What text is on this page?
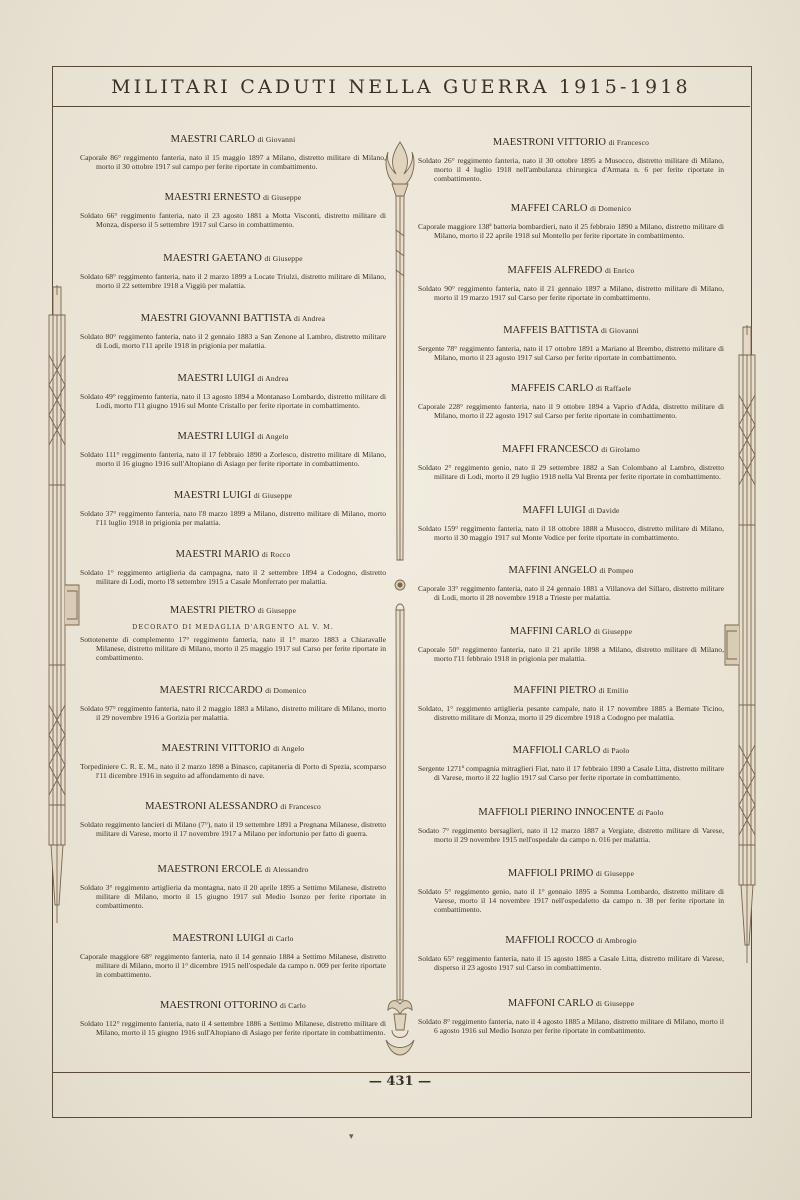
MILITARI CADUTI NELLA GUERRA 1915-1918
MAESTRI CARLO di Giovanni
Caporale 86° reggimento fanteria, nato il 15 maggio 1897 a Milano, distretto militare di Milano, morto il 30 ottobre 1917 sul campo per ferite riportate in combattimento.
MAESTRI ERNESTO di Giuseppe
Soldato 66° reggimento fanteria, nato il 23 agosto 1881 a Motta Visconti, distretto militare di Monza, disperso il 5 settembre 1917 sul Carso in combattimento.
MAESTRI GAETANO di Giuseppe
Soldato 68° reggimento fanteria, nato il 2 marzo 1899 a Locate Triulzi, distretto militare di Milano, morto il 22 settembre 1918 a Viggiù per malattia.
MAESTRI GIOVANNI BATTISTA di Andrea
Soldato 80° reggimento fanteria, nato il 2 gennaio 1883 a San Zenone al Lambro, distretto militare di Lodi, morto l'11 aprile 1918 in prigionia per malattia.
MAESTRI LUIGI di Andrea
Soldato 49° reggimento fanteria, nato il 13 agosto 1894 a Montanaso Lombardo, distretto militare di Lodi, morto l'11 giugno 1916 sul Monte Cristallo per ferite riportate in combattimento.
MAESTRI LUIGI di Angelo
Soldato 111° reggimento fanteria, nato il 17 febbraio 1890 a Zorlesco, distretto militare di Milano, morto il 16 giugno 1916 sull'Altopiano di Asiago per ferite riportate in combattimento.
MAESTRI LUIGI di Giuseppe
Soldato 37° reggimento fanteria, nato l'8 marzo 1899 a Milano, distretto militare di Milano, morto l'11 luglio 1918 in prigionia per malattia.
MAESTRI MARIO di Rocco
Soldato 1° reggimento artiglieria da campagna, nato il 2 settembre 1894 a Codogno, distretto militare di Lodi, morto l'8 settembre 1915 a Casale Monferrato per malattia.
MAESTRI PIETRO di Giuseppe
DECORATO DI MEDAGLIA D'ARGENTO AL V. M.
Sottotenente di complemento 17° reggimento fanteria, nato il 1° marzo 1883 a Chiaravalle Milanese, distretto militare di Milano, morto il 25 maggio 1917 sul Carso per ferite riportate in combattimento.
MAESTRI RICCARDO di Domenico
Soldato 97° reggimento fanteria, nato il 2 maggio 1883 a Milano, distretto militare di Milano, morto il 29 novembre 1916 a Gorizia per malattia.
MAESTRINI VITTORIO di Angelo
Torpediniere C. R. E. M., nato il 2 marzo 1898 a Binasco, capitaneria di Porto di Spezia, scomparso l'11 dicembre 1916 in seguito ad affondamento di nave.
MAESTRONI ALESSANDRO di Francesco
Soldato reggimento lancieri di Milano (7°), nato il 19 settembre 1891 a Pregnana Milanese, distretto militare di Varese, morto il 17 novembre 1917 a Milano per infortunio per fatto di guerra.
MAESTRONI ERCOLE di Alessandro
Soldato 3° reggimento artiglieria da montagna, nato il 20 aprile 1895 a Settimo Milanese, distretto militare di Milano, morto il 15 giugno 1917 sul Medio Isonzo per ferite riportate in combattimento.
MAESTRONI LUIGI di Carlo
Caporale maggiore 68° reggimento fanteria, nato il 14 gennaio 1884 a Settimo Milanese, distretto militare di Milano, morto il 1° dicembre 1915 nell'ospedale da campo n. 009 per ferite riportate in combattimento.
MAESTRONI OTTORINO di Carlo
Soldato 112° reggimento fanteria, nato il 4 settembre 1886 a Settimo Milanese, distretto militare di Milano, morto il 15 giugno 1916 sull'Altopiano di Asiago per ferite riportate in combattimento.
MAESTRONI VITTORIO di Francesco
Soldato 26° reggimento fanteria, nato il 30 ottobre 1895 a Musocco, distretto militare di Milano, morto il 4 luglio 1918 nell'ambulanza chirurgica d'Armata n. 6 per ferite riportate in combattimento.
MAFFEI CARLO di Domenico
Caporale maggiore 138ª batteria bombardieri, nato il 25 febbraio 1890 a Milano, distretto militare di Milano, morto il 22 aprile 1918 sul Montello per ferite riportate in combattimento.
MAFFEIS ALFREDO di Enrico
Soldato 90° reggimento fanteria, nato il 21 gennaio 1897 a Milano, distretto militare di Milano, morto il 19 marzo 1917 sul Carso per ferite riportate in combattimento.
MAFFEIS BATTISTA di Giovanni
Sergente 78° reggimento fanteria, nato il 17 ottobre 1891 a Mariano al Brembo, distretto militare di Milano, morto il 23 agosto 1917 sul Carso per ferite riportate in combattimento.
MAFFEIS CARLO di Raffaele
Caporale 228° reggimento fanteria, nato il 9 ottobre 1894 a Vaprio d'Adda, distretto militare di Milano, morto il 22 agosto 1917 sul Carso per ferite riportate in combattimento.
MAFFI FRANCESCO di Girolamo
Soldato 2° reggimento genio, nato il 29 settembre 1882 a San Colombano al Lambro, distretto militare di Lodi, morto il 29 luglio 1918 nella Val Brenta per ferite riportate in combattimento.
MAFFI LUIGI di Davide
Soldato 159° reggimento fanteria, nato il 18 ottobre 1888 a Musocco, distretto militare di Milano, morto il 30 maggio 1917 sul Monte Vodice per ferite riportate in combattimento.
MAFFINI ANGELO di Pompeo
Caporale 33° reggimento fanteria, nato il 24 gennaio 1881 a Villanova del Sillaro, distretto militare di Lodi, morto il 28 novembre 1918 a Trieste per malattia.
MAFFINI CARLO di Giuseppe
Caporale 50° reggimento fanteria, nato il 21 aprile 1898 a Milano, distretto militare di Milano, morto l'11 febbraio 1918 in prigionia per malattia.
MAFFINI PIETRO di Emilio
Soldato, 1° reggimento artiglieria pesante campale, nato il 17 novembre 1885 a Bernate Ticino, distretto militare di Monza, morto il 29 dicembre 1918 a Codogno per malattia.
MAFFIOLI CARLO di Paolo
Sergente 1271ª compagnia mitraglieri Fiat, nato il 17 febbraio 1890 a Casale Litta, distretto militare di Varese, morto il 22 luglio 1917 sul Carso per ferite riportate in combattimento.
MAFFIOLI PIERINO INNOCENTE di Paolo
Sodato 7° reggimento bersaglieri, nato il 12 marzo 1887 a Vergiate, distretto militare di Varese, morto il 29 novembre 1915 nell'ospedale da campo n. 016 per malattia.
MAFFIOLI PRIMO di Giuseppe
Soldato 5° reggimento genio, nato il 1° gennaio 1895 a Somma Lombardo, distretto militare di Varese, morto il 14 novembre 1917 nell'ospedaletto da campo n. 38 per ferite riportate in combattimento.
MAFFIOLI ROCCO di Ambrogio
Soldato 65° reggimento fanteria, nato il 15 agosto 1885 a Casale Litta, distretto militare di Varese, disperso il 23 agosto 1917 sul Carso in combattimento.
MAFFONI CARLO di Giuseppe
Soldato 8° reggimento fanteria, nato il 4 agosto 1885 a Milano, distretto militare di Milano, morto il 6 agosto 1916 sul Medio Isonzo per ferite riportate in combattimento.
— 431 —
▾
